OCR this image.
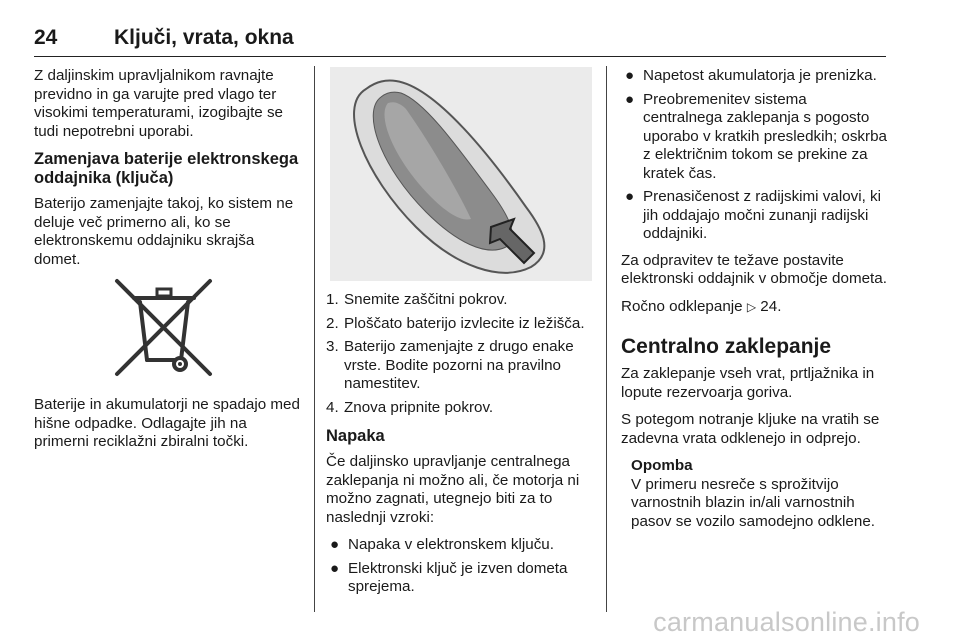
24	Ključi, vrata, okna

Z daljinskim upravljalnikom ravnajte previdno in ga varujte pred vlago ter visokimi temperaturami, izogibajte se tudi nepotrebni uporabi.

Zamenjava baterije elektronskega oddajnika (ključa)

Baterijo zamenjajte takoj, ko sistem ne deluje več primerno ali, ko se elektronskemu oddajniku skrajša domet.

Baterije in akumulatorji ne spadajo med hišne odpadke. Odlagajte jih na primerni reciklažni zbiralni točki.

1. Snemite zaščitni pokrov.
2. Ploščato baterijo izvlecite iz ležišča.
3. Baterijo zamenjajte z drugo enake vrste. Bodite pozorni na pravilno namestitev.
4. Znova pripnite pokrov.
Napaka

Če daljinsko upravljanje centralnega zaklepanja ni možno ali, če motorja ni možno zagnati, utegnejo biti za to naslednji vzroki:

● Napaka v elektronskem ključu.
● Elektronski ključ je izven dometa sprejema.
● Napetost akumulatorja je prenizka.
● Preobremenitev sistema centralnega zaklepanja s pogosto uporabo v kratkih presledkih; oskrba z električnim tokom se prekine za kratek čas.
● Prenasičenost z radijskimi valovi, ki jih oddajajo močni zunanji radijski oddajniki.

Za odpravitev te težave postavite elektronski oddajnik v območje dometa.

Ročno odklepanje ▷ 24.

Centralno zaklepanje

Za zaklepanje vseh vrat, prtljažnika in lopute rezervoarja goriva.

S potegom notranje kljuke na vratih se zadevna vrata odklenejo in odprejo.

Opomba
V primeru nesreče s sprožitvijo varnostnih blazin in/ali varnostnih pasov se vozilo samodejno odklene.
carmanualsonline.info
